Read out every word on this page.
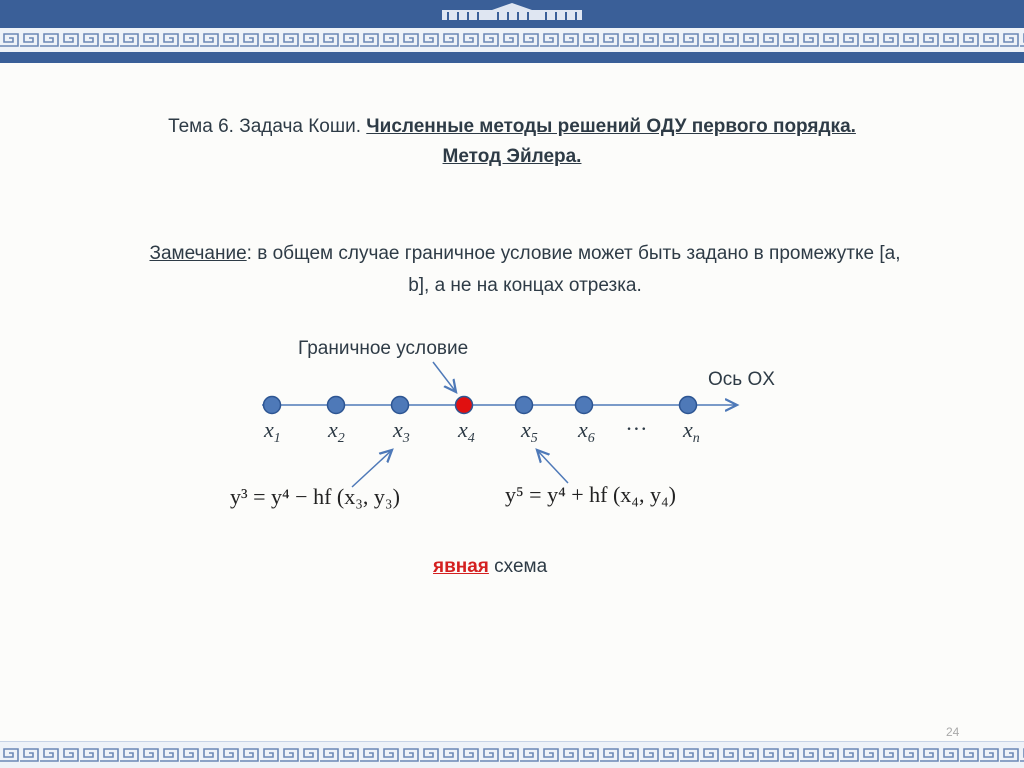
Тема 6. Задача Коши. Численные методы решений ОДУ первого порядка. Метод Эйлера.
Замечание: в общем случае граничное условие может быть задано в промежутке [a, b], а не на концах отрезка.
Граничное условие
Ось OX
$x_1$ $x_2$ $x_3$ $x_4$ $x_5$ $x_6$	$x_n$
…
y³ = y⁴ − hf (x₃, y₃)	y⁵ = y⁴ + hf (x₄, y₄)
явная схема
24
